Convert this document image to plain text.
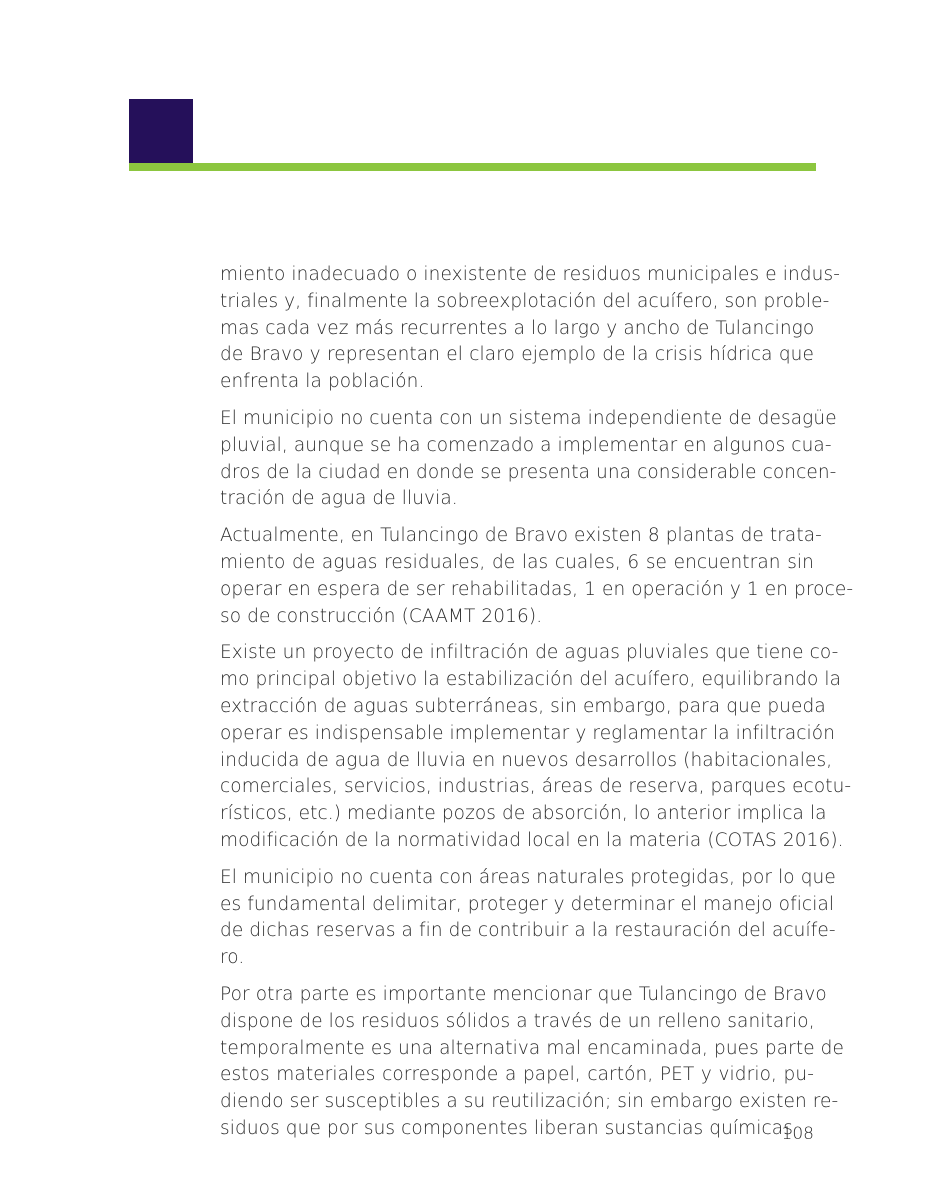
miento inadecuado o inexistente de residuos municipales e indus-
triales y, finalmente la sobreexplotación del acuífero, son proble-
mas cada vez más recurrentes a lo largo y ancho de Tulancingo
de Bravo y representan el claro ejemplo de la crisis hídrica que
enfrenta la población.

El municipio no cuenta con un sistema independiente de desagüe
pluvial, aunque se ha comenzado a implementar en algunos cua-
dros de la ciudad en donde se presenta una considerable concen-
tración de agua de lluvia.

Actualmente, en Tulancingo de Bravo existen 8 plantas de trata-
miento de aguas residuales, de las cuales, 6 se encuentran sin
operar en espera de ser rehabilitadas, 1 en operación y 1 en proce-
so de construcción (CAAMT 2016).

Existe un proyecto de infiltración de aguas pluviales que tiene co-
mo principal objetivo la estabilización del acuífero, equilibrando la
extracción de aguas subterráneas, sin embargo, para que pueda
operar es indispensable implementar y reglamentar la infiltración
inducida de agua de lluvia en nuevos desarrollos (habitacionales,
comerciales, servicios, industrias, áreas de reserva, parques ecotu-
rísticos, etc.) mediante pozos de absorción, lo anterior implica la
modificación de la normatividad local en la materia (COTAS 2016).

El municipio no cuenta con áreas naturales protegidas, por lo que
es fundamental delimitar, proteger y determinar el manejo oficial
de dichas reservas a fin de contribuir a la restauración del acuífe-
ro.

Por otra parte es importante mencionar que Tulancingo de Bravo
dispone de los residuos sólidos a través de un relleno sanitario,
temporalmente es una alternativa mal encaminada, pues parte de
estos materiales corresponde a papel, cartón, PET y vidrio, pu-
diendo ser susceptibles a su reutilización; sin embargo existen re-
siduos que por sus componentes liberan sustancias químicas

108
